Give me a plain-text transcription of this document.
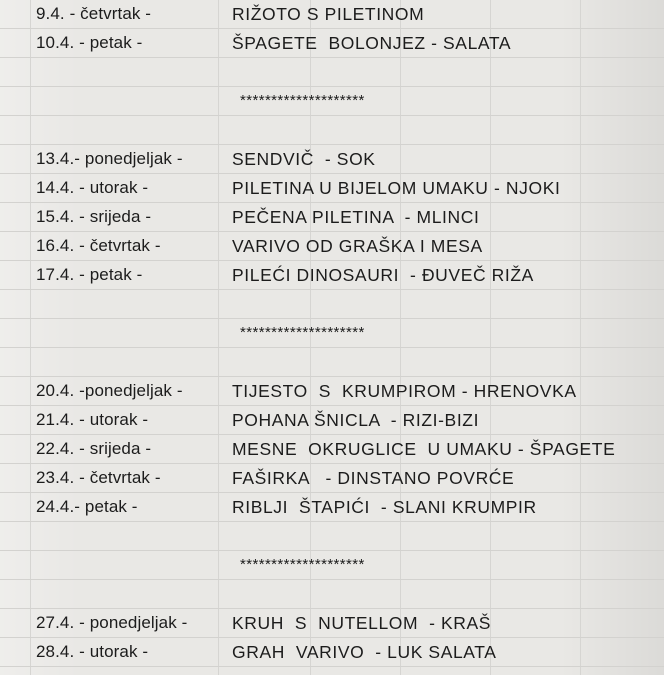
9.4. - četvrtak -	RIŽOTO S PILETINOM
10.4. - petak -	ŠPAGETE  BOLONJEZ - SALATA
********************
13.4.- ponedjeljak -	SENDVIČ  - SOK
14.4. - utorak -	PILETINA U BIJELOM UMAKU - NJOKI
15.4. - srijeda -	PEČENA PILETINA  - MLINCI
16.4. - četvrtak -	VARIVO OD GRAŠKA I MESA
17.4. - petak -	PILEĆI DINOSAURI  - ĐUVEČ RIŽA
********************
20.4. -ponedjeljak -	TIJESTO  S  KRUMPIROM - HRENOVKA
21.4. - utorak -	POHANA ŠNICLA  - RIZI-BIZI
22.4. - srijeda -	MESNE  OKRUGLICE  U UMAKU - ŠPAGETE
23.4. - četvrtak -	FAŠIRKA   - DINSTANO POVRĆE
24.4.- petak -	RIBLJI  ŠTAPIĆI  - SLANI KRUMPIR
********************
27.4. - ponedjeljak -	KRUH  S  NUTELLOM  - KRAŠ
28.4. - utorak -	GRAH  VARIVO  - LUK SALATA
